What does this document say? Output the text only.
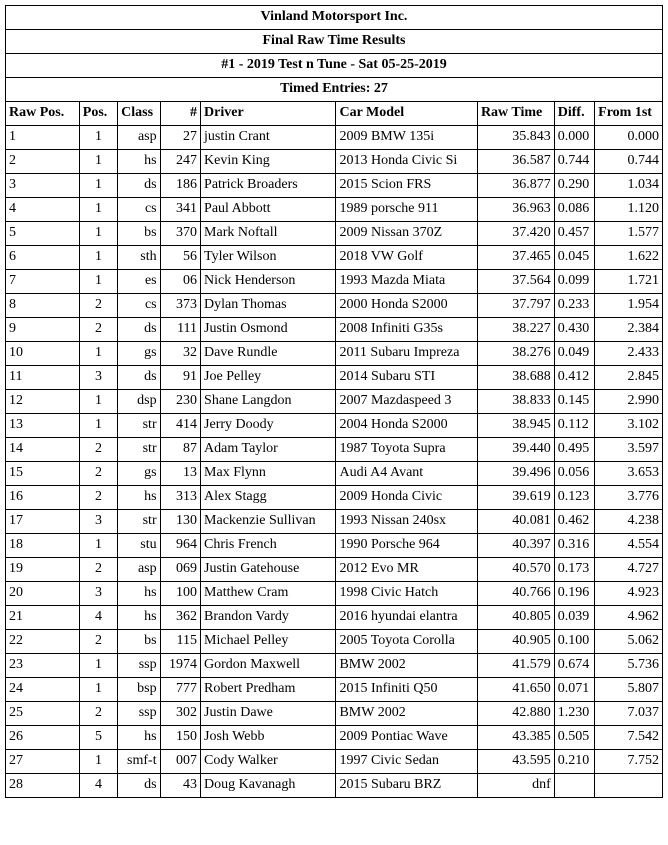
Vinland Motorsport Inc.								
Final Raw Time Results								
#1 - 2019 Test n Tune - Sat 05-25-2019								
Timed Entries: 27								
Raw Pos.	Pos.	Class	#	Driver	Car Model	Raw Time	Diff.	From 1st
1	1	asp	27	justin Crant	2009 BMW 135i	35.843	0.000	0.000
2	1	hs	247	Kevin King	2013 Honda Civic Si	36.587	0.744	0.744
3	1	ds	186	Patrick Broaders	2015 Scion FRS	36.877	0.290	1.034
4	1	cs	341	Paul Abbott	1989 porsche 911	36.963	0.086	1.120
5	1	bs	370	Mark Noftall	2009 Nissan 370Z	37.420	0.457	1.577
6	1	sth	56	Tyler Wilson	2018 VW Golf	37.465	0.045	1.622
7	1	es	06	Nick Henderson	1993 Mazda Miata	37.564	0.099	1.721
8	2	cs	373	Dylan Thomas	2000 Honda S2000	37.797	0.233	1.954
9	2	ds	111	Justin Osmond	2008 Infiniti G35s	38.227	0.430	2.384
10	1	gs	32	Dave Rundle	2011 Subaru Impreza	38.276	0.049	2.433
11	3	ds	91	Joe Pelley	2014 Subaru STI	38.688	0.412	2.845
12	1	dsp	230	Shane Langdon	2007 Mazdaspeed 3	38.833	0.145	2.990
13	1	str	414	Jerry Doody	2004 Honda S2000	38.945	0.112	3.102
14	2	str	87	Adam Taylor	1987 Toyota Supra	39.440	0.495	3.597
15	2	gs	13	Max Flynn	Audi A4 Avant	39.496	0.056	3.653
16	2	hs	313	Alex Stagg	2009 Honda Civic	39.619	0.123	3.776
17	3	str	130	Mackenzie Sullivan	1993 Nissan 240sx	40.081	0.462	4.238
18	1	stu	964	Chris French	1990 Porsche 964	40.397	0.316	4.554
19	2	asp	069	Justin Gatehouse	2012 Evo MR	40.570	0.173	4.727
20	3	hs	100	Matthew Cram	1998 Civic Hatch	40.766	0.196	4.923
21	4	hs	362	Brandon Vardy	2016 hyundai elantra	40.805	0.039	4.962
22	2	bs	115	Michael Pelley	2005 Toyota Corolla	40.905	0.100	5.062
23	1	ssp	1974	Gordon Maxwell	BMW 2002	41.579	0.674	5.736
24	1	bsp	777	Robert Predham	2015 Infiniti Q50	41.650	0.071	5.807
25	2	ssp	302	Justin Dawe	BMW 2002	42.880	1.230	7.037
26	5	hs	150	Josh Webb	2009 Pontiac Wave	43.385	0.505	7.542
27	1	smf-t	007	Cody Walker	1997 Civic Sedan	43.595	0.210	7.752
28	4	ds	43	Doug Kavanagh	2015 Subaru BRZ	dnf		
